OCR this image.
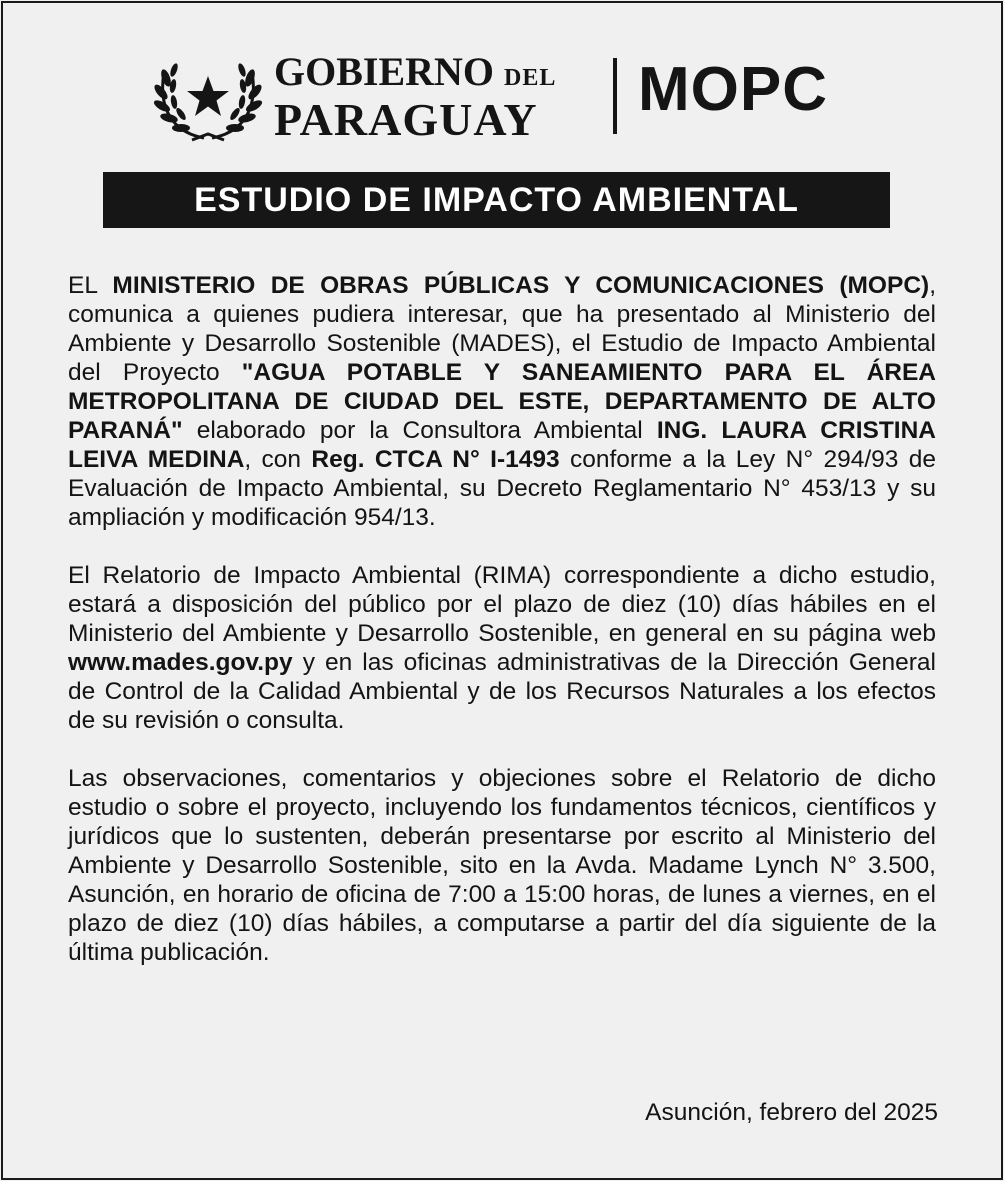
GOBIERNO DEL
PARAGUAY	MOPC
ESTUDIO DE IMPACTO AMBIENTAL

EL MINISTERIO DE OBRAS PÚBLICAS Y COMUNICACIONES (MOPC), comunica a quienes pudiera interesar, que ha presentado al Ministerio del Ambiente y Desarrollo Sostenible (MADES), el Estudio de Impacto Ambiental del Proyecto "AGUA POTABLE Y SANEAMIENTO PARA EL ÁREA METROPOLITANA DE CIUDAD DEL ESTE, DEPARTAMENTO DE ALTO PARANÁ" elaborado por la Consultora Ambiental ING. LAURA CRISTINA LEIVA MEDINA, con Reg. CTCA N° I-1493 conforme a la Ley N° 294/93 de Evaluación de Impacto Ambiental, su Decreto Reglamentario N° 453/13 y su ampliación y modificación 954/13.

El Relatorio de Impacto Ambiental (RIMA) correspondiente a dicho estudio, estará a disposición del público por el plazo de diez (10) días hábiles en el Ministerio del Ambiente y Desarrollo Sostenible, en general en su página web www.mades.gov.py y en las oficinas administrativas de la Dirección General de Control de la Calidad Ambiental y de los Recursos Naturales a los efectos de su revisión o consulta.

Las observaciones, comentarios y objeciones sobre el Relatorio de dicho estudio o sobre el proyecto, incluyendo los fundamentos técnicos, científicos y jurídicos que lo sustenten, deberán presentarse por escrito al Ministerio del Ambiente y Desarrollo Sostenible, sito en la Avda. Madame Lynch N° 3.500, Asunción, en horario de oficina de 7:00 a 15:00 horas, de lunes a viernes, en el plazo de diez (10) días hábiles, a computarse a partir del día siguiente de la última publicación.

Asunción, febrero del 2025
